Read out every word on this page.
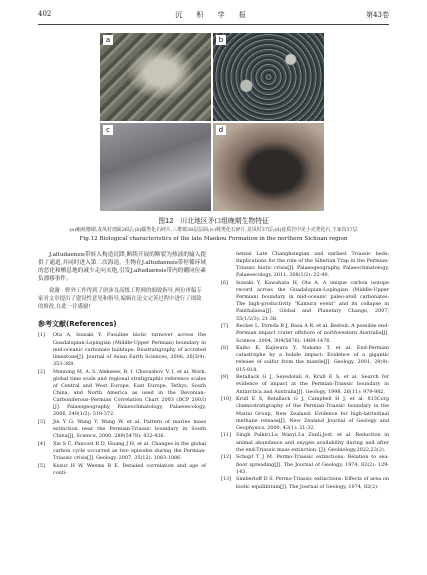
402	沉 积 学 报	第43卷
a	b
c	d
图12　川北地区矛口组晚期生物特征
(a)瘢痕珊瑚,龙凤村剖面26层;(b)蠕类化石碎片,三堆镇38层层面;(c)蚝类化石碎片,龙凤村37层;(d)硅质岩中见小壳类化石,王家沟37层
Fig.12 Biological characteristics of the late Maokou Formation in the northern Sichuan region

J.altudaensis带转入构造沉降,断续开展的断裂为热液的输入提供了通道,并同时进入第二次海退。生物在J.altudaensis带停循环域的恶化和栖息地的减少走向灭绝,引发J.altudaensis带内的硼同位素负漂移事件。

致谢　野外工作得到了唐沛良高级工程师的细致指导,两位审稿专家对文章提出了建设性意见和指导,编辑在论文完善过程中进行了细致的修改,在此一并感谢!

参考文献(References)

[1] Ota A, Isozaki Y. Fusuline biotic turnover across the Guadalupian-Lopingian (Middle-Upper Permian) boundary in mid-oceanic carbonate buildups: Biostratigraphy of accreted limestone[J]. Journal of Asian Earth Sciences, 2006, 26(3/4): 353-368.

[2] Menning M, A. S. Alekseev, B. I. Chuvashov, V. I, et al. Work, global time scale and regional stratigraphic reference scales of Central and West Europe, East Europe, Tethys, South China, and North America as used in the Devonian–Carboniferous–Permian Correlation Chart 2003 (DCP 2003) [J]. Palaeogeography, Palaeoclimatology, Palaeoecology, 2006, 240(1/2): 318-372.

[3] Jin Y G, Wang Y, Wang W, et al. Pattern of marine mass extinction near the Permian-Triassic boundary in South China[J]. Science, 2000, 289(5478): 432-436.

[4] Xie S C, Pancost R D, Huang J H, et al. Changes in the global carbon cycle occurred as two episodes during the Permian-Triassic crisis[J]. Geology, 2007, 35(12): 1083-1086.

[5] Kozur H W, Weems R E. Detailed correlation and age of conti-

nental Late Changhsingian and earliest Triassic beds: Implications for the role of the Siberian Trap in the Permian-Triassic biotic crisis[J]. Palaeogeography, Palaeoclimatology, Palaeoecology, 2011, 308(1/2): 22-40.

[6] Isozaki Y, Kawahata H, Ota A. A unique carbon isotope record across the Guadalupian-Lopingian (Middle-Upper Permian) boundary in mid-oceanic paleo-atoll carbonates: The high-productivity "Kamura event" and its collapse in Panthalassa[J]. Global and Planetary Change, 2007, 55(1/2/3): 21-38.

[7] Becker L, Poreda R J, Basu A R, et al. Bedout: A possible end-Permian impact crater offshore of northwestern Australia[J]. Science, 2004, 304(5676): 1469-1476.

[8] Kaiho K, Kajiwara Y, Nakano T, et al. End-Permian catastrophe by a bolide impact: Evidence of a gigantic release of sulfur from the mantle[J]. Geology, 2001, 29(9): 815-818.

[9] Retallack G J, Seyedolali A, Krull E S, et al. Search for evidence of impact at the Permian-Triassic boundary in Antarctica and Australia[J]. Geology, 1998, 26(11): 979-982.

[10] Krull E S, Retallack G J, Campbell H J, et al. δ13Corg chemostratigraphy of the Permian-Triassic boundary in the Maitai Group, New Zealand: Evidence for high-latitudinal methane release[J]. New Zealand Journal of Geology and Geophysics, 2000, 43(1): 21-32.

[11] Singh Palkiri,Lu Wanyi,Lu Zunli,Jost, et al. Reduction in animal abundance and oxygen availability during and after the end-Triassic mass extinction. [J]. Geobiology,2022,23(2).

[12] Schopf T J M. Permo-Triassic extinctions: Relation to sea-floor spreading[J]. The Journal of Geology, 1974, 82(2): 129-143.

[13] Simberloff D S. Permo-Triassic extinctions: Effects of area on biotic equilibrium[J]. The Journal of Geology, 1974, 82(2):
